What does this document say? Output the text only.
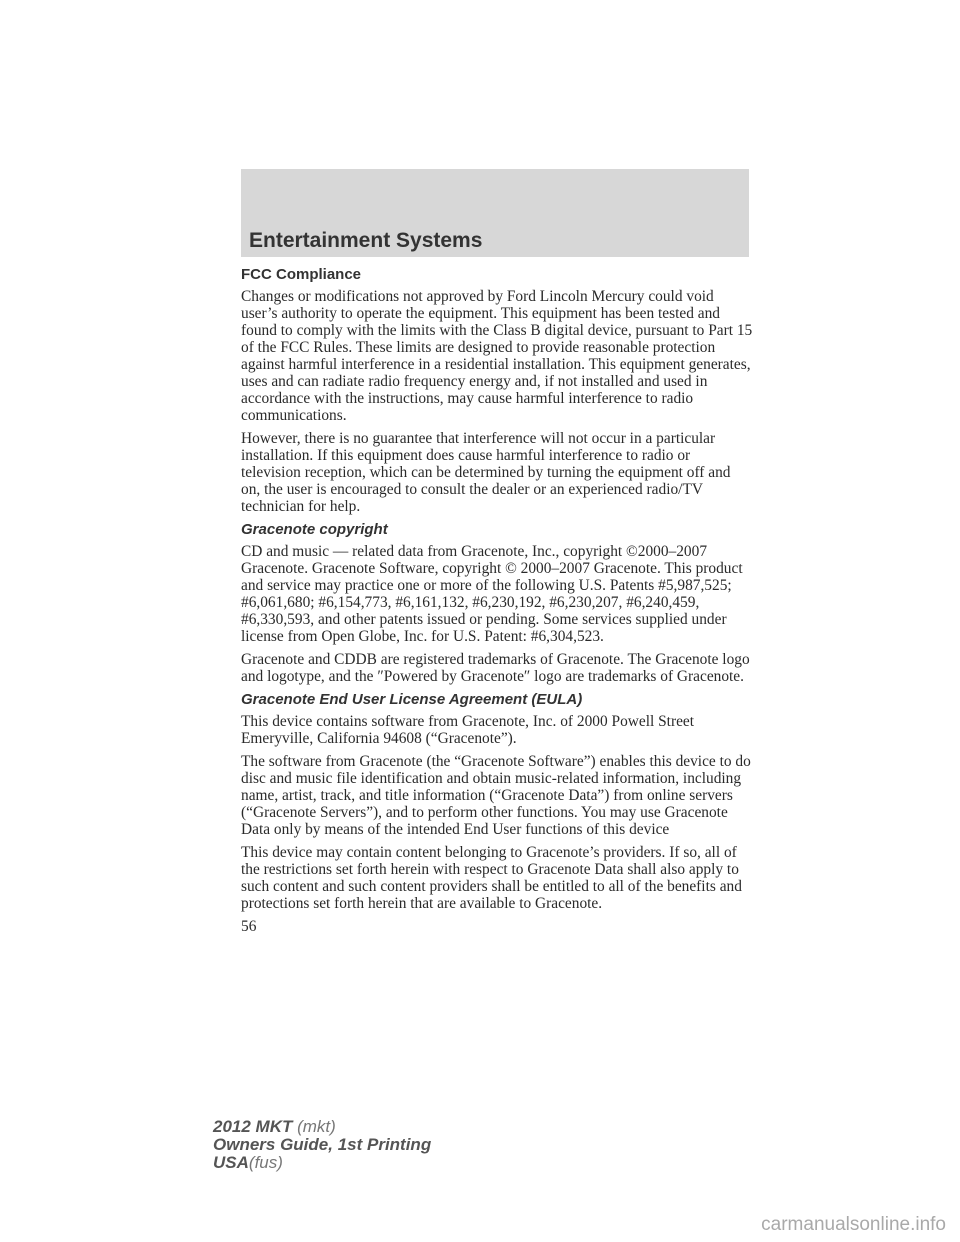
Entertainment Systems
FCC Compliance

Changes or modifications not approved by Ford Lincoln Mercury could void user’s authority to operate the equipment. This equipment has been tested and found to comply with the limits with the Class B digital device, pursuant to Part 15 of the FCC Rules. These limits are designed to provide reasonable protection against harmful interference in a residential installation. This equipment generates, uses and can radiate radio frequency energy and, if not installed and used in accordance with the instructions, may cause harmful interference to radio communications.

However, there is no guarantee that interference will not occur in a particular installation. If this equipment does cause harmful interference to radio or television reception, which can be determined by turning the equipment off and on, the user is encouraged to consult the dealer or an experienced radio/TV technician for help.

Gracenote copyright

CD and music — related data from Gracenote, Inc., copyright ©2000–2007 Gracenote. Gracenote Software, copyright © 2000–2007 Gracenote. This product and service may practice one or more of the following U.S. Patents #5,987,525; #6,061,680; #6,154,773, #6,161,132, #6,230,192, #6,230,207, #6,240,459, #6,330,593, and other patents issued or pending. Some services supplied under license from Open Globe, Inc. for U.S. Patent: #6,304,523.

Gracenote and CDDB are registered trademarks of Gracenote. The Gracenote logo and logotype, and the ″Powered by Gracenote″ logo are trademarks of Gracenote.

Gracenote End User License Agreement (EULA)

This device contains software from Gracenote, Inc. of 2000 Powell Street Emeryville, California 94608 (“Gracenote”).

The software from Gracenote (the “Gracenote Software”) enables this device to do disc and music file identification and obtain music-related information, including name, artist, track, and title information (“Gracenote Data”) from online servers (“Gracenote Servers”), and to perform other functions. You may use Gracenote Data only by means of the intended End User functions of this device

This device may contain content belonging to Gracenote’s providers. If so, all of the restrictions set forth herein with respect to Gracenote Data shall also apply to such content and such content providers shall be entitled to all of the benefits and protections set forth herein that are available to Gracenote.

56
2012 MKT (mkt)
Owners Guide, 1st Printing
USA(fus)
carmanualsonline.info
